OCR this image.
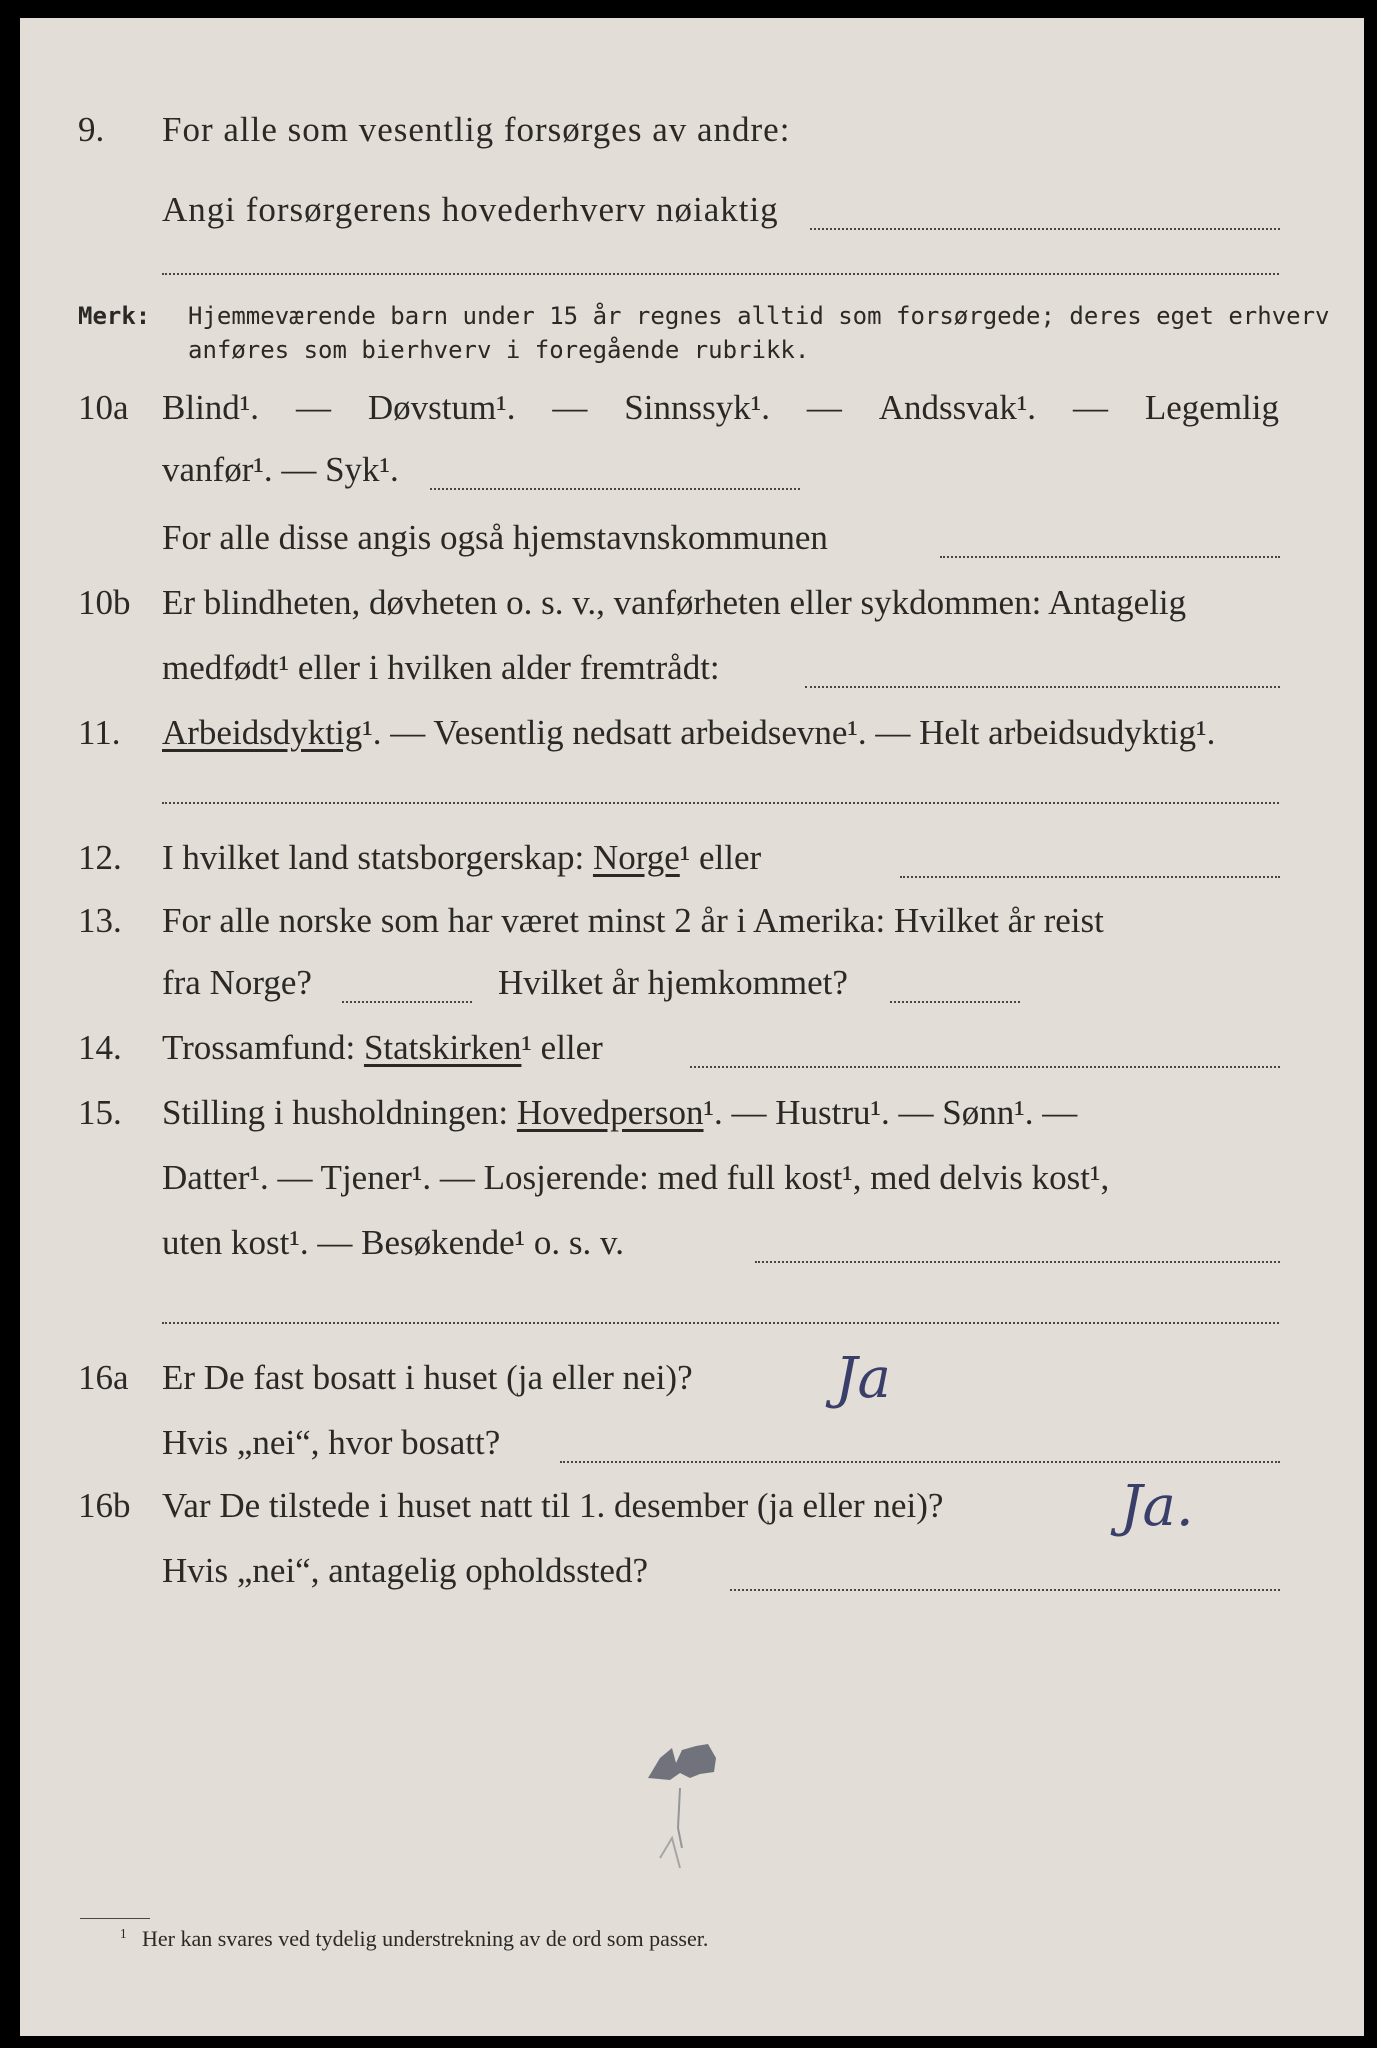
9. For alle som vesentlig forsørges av andre:
Angi forsørgerens hovederhverv nøiaktig
Merk: Hjemmeværende barn under 15 år regnes alltid som forsørgede; deres eget erhverv
anføres som bierhverv i foregående rubrikk.
10a Blind¹. — Døvstum¹. — Sinnssyk¹. — Andssvak¹. — Legemlig
vanfør¹. — Syk¹.
For alle disse angis også hjemstavnskommunen
10b Er blindheten, døvheten o. s. v., vanførheten eller sykdommen: Antagelig
medfødt¹ eller i hvilken alder fremtrådt:
11. Arbeidsdyktig¹. — Vesentlig nedsatt arbeidsevne¹. — Helt arbeidsudyktig¹.
12. I hvilket land statsborgerskap: Norge¹ eller
13. For alle norske som har været minst 2 år i Amerika: Hvilket år reist
fra Norge?	Hvilket år hjemkommet?
14. Trossamfund: Statskirken¹ eller
15. Stilling i husholdningen: Hovedperson¹. — Hustru¹. — Sønn¹. —
Datter¹. — Tjener¹. — Losjerende: med full kost¹, med delvis kost¹,
uten kost¹. — Besøkende¹ o. s. v.
16a Er De fast bosatt i huset (ja eller nei)?	Ja
Hvis „nei“, hvor bosatt?
16b Var De tilstede i huset natt til 1. desember (ja eller nei)?	Ja.
Hvis „nei“, antagelig opholdssted?
$^1$ Her kan svares ved tydelig understrekning av de ord som passer.
